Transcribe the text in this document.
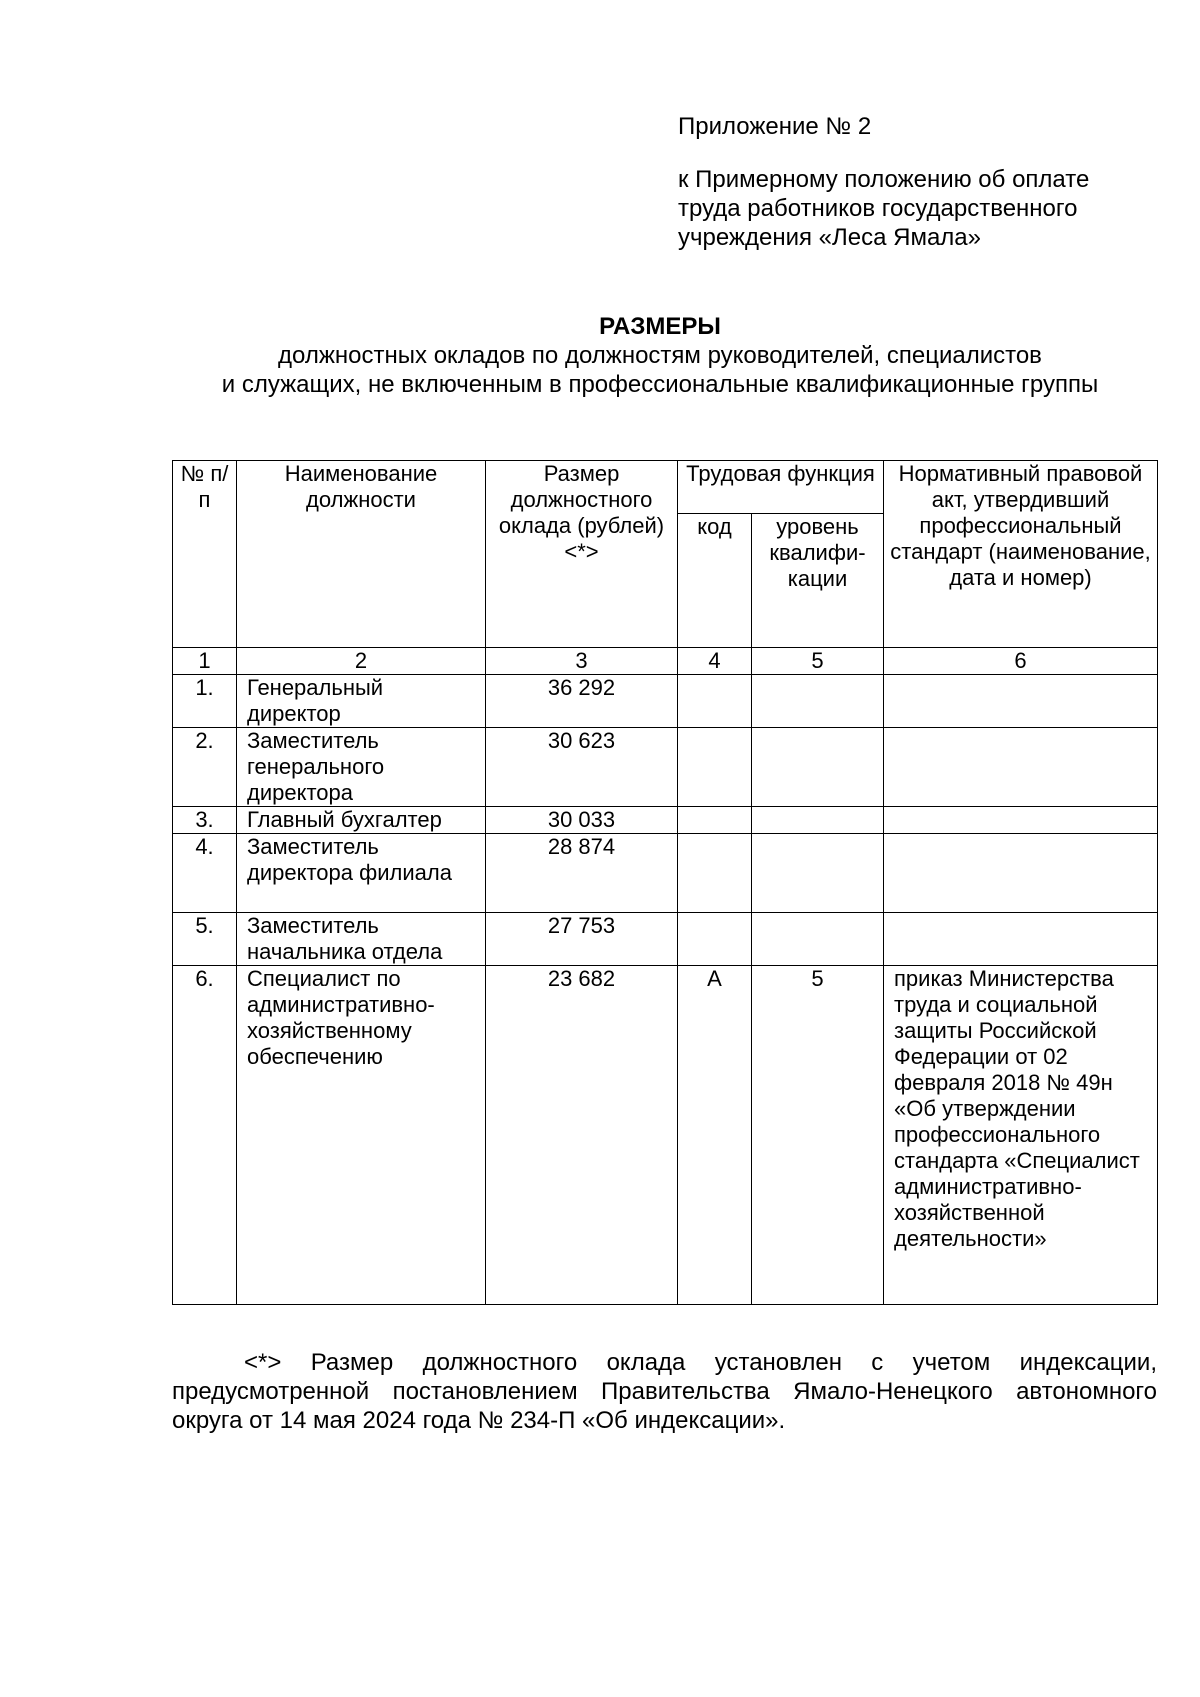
Приложение № 2
к Примерному положению об оплате
труда работников государственного
учреждения «Леса Ямала»
РАЗМЕРЫ
должностных окладов по должностям руководителей, специалистов
и служащих, не включенным в профессиональные квалификационные группы
№ п/п	Наименование должности	Размер должностного оклада (рублей)<*>	Трудовая функция		Нормативный правовой акт, утвердивший профессиональный стандарт (наименование, дата и номер)
			код	уровень квалифи-кации	
1	2	3	4	5	6
1.	Генеральный директор	36 292			
2.	Заместитель генерального директора	30 623			
3.	Главный бухгалтер	30 033			
4.	Заместитель директора филиала	28 874			
5.	Заместитель начальника отдела	27 753			
6.	Специалист по административно-хозяйственному обеспечению	23 682	А	5	приказ Министерства труда и социальной защиты Российской Федерации от 02 февраля 2018 № 49н «Об утверждении профессионального стандарта «Специалист административно-хозяйственной деятельности»
<*> Размер должностного оклада установлен с учетом индексации, предусмотренной постановлением Правительства Ямало-Ненецкого автономного округа от 14 мая 2024 года № 234-П «Об индексации».
